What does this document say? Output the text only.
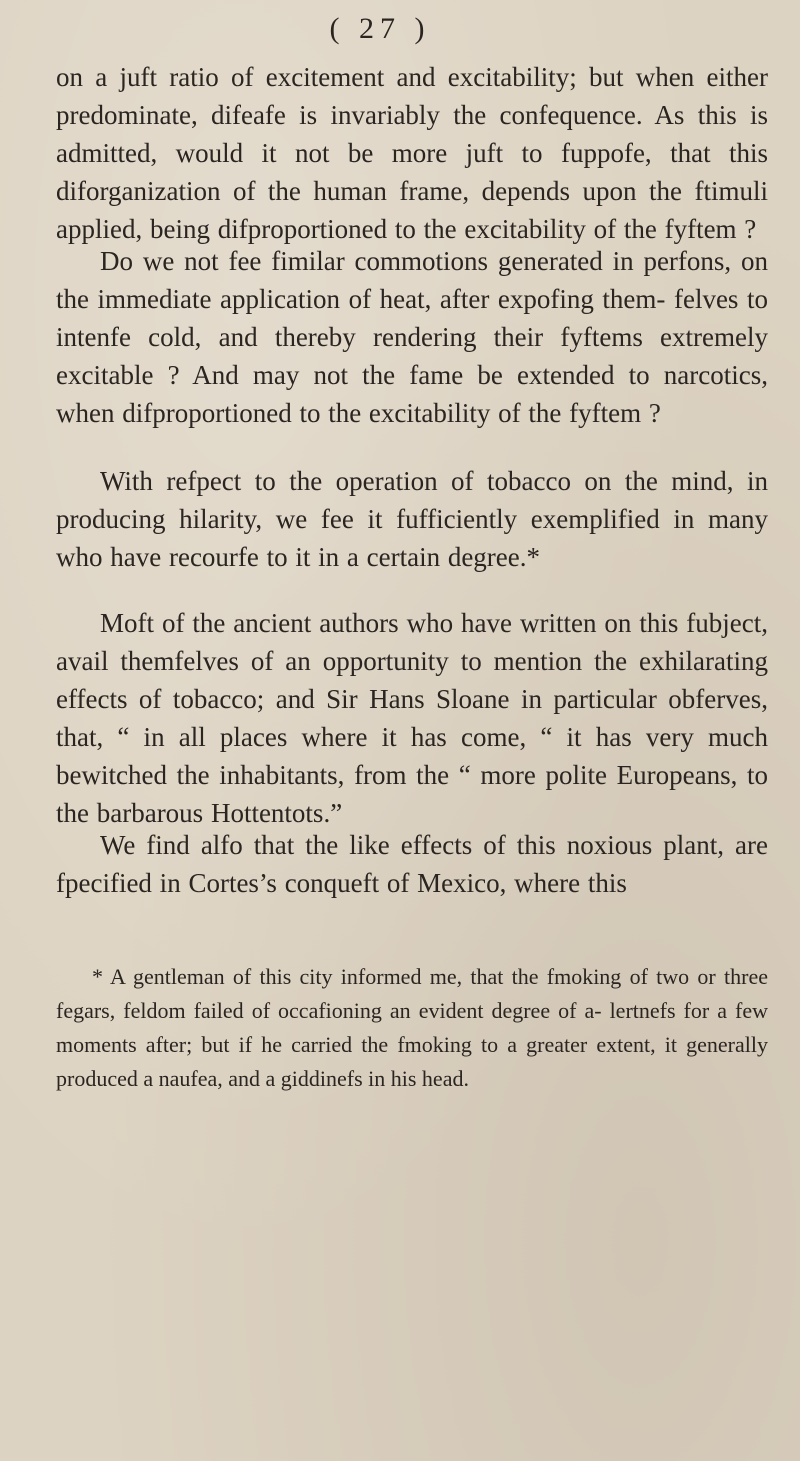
( 27 )

on a juft ratio of excitement and excitability; but when either predominate, difeafe is invariably the confequence. As this is admitted, would it not be more juft to fuppofe, that this diforganization of the human frame, depends upon the ftimuli applied, being difproportioned to the excitability of the fyftem ?

Do we not fee fimilar commotions generated in perfons, on the immediate application of heat, after expofing them- felves to intenfe cold, and thereby rendering their fyftems extremely excitable ? And may not the fame be extended to narcotics, when difproportioned to the excitability of the fyftem ?

With refpect to the operation of tobacco on the mind, in producing hilarity, we fee it fufficiently exemplified in many who have recourfe to it in a certain degree.*

Moft of the ancient authors who have written on this fubject, avail themfelves of an opportunity to mention the exhilarating effects of tobacco; and Sir Hans Sloane in particular obferves, that, “ in all places where it has come, “ it has very much bewitched the inhabitants, from the “ more polite Europeans, to the barbarous Hottentots.”

We find alfo that the like effects of this noxious plant, are fpecified in Cortes’s conqueft of Mexico, where this

* A gentleman of this city informed me, that the fmoking of two or three fegars, feldom failed of occafioning an evident degree of a- lertnefs for a few moments after; but if he carried the fmoking to a greater extent, it generally produced a naufea, and a giddinefs in his head.
